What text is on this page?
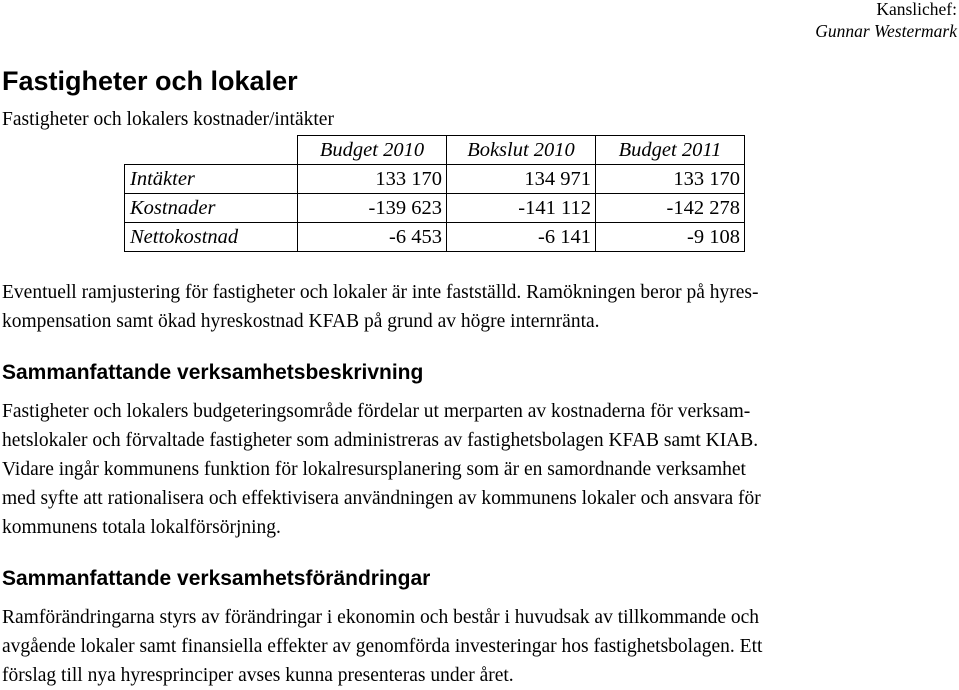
Kanslichef:
Gunnar Westermark
Fastigheter och lokaler
Fastigheter och lokalers kostnader/intäkter
	Budget 2010	Bokslut 2010	Budget 2011
Intäkter	133 170	134 971	133 170
Kostnader	-139 623	-141 112	-142 278
Nettokostnad	-6 453	-6 141	-9 108

Eventuell ramjustering för fastigheter och lokaler är inte fastställd. Ramökningen beror på hyres-
kompensation samt ökad hyreskostnad KFAB på grund av högre internränta.

Sammanfattande verksamhetsbeskrivning

Fastigheter och lokalers budgeteringsområde fördelar ut merparten av kostnaderna för verksam-
hetslokaler och förvaltade fastigheter som administreras av fastighetsbolagen KFAB samt KIAB.
Vidare ingår kommunens funktion för lokalresursplanering som är en samordnande verksamhet
med syfte att rationalisera och effektivisera användningen av kommunens lokaler och ansvara för
kommunens totala lokalförsörjning.

Sammanfattande verksamhetsförändringar

Ramförändringarna styrs av förändringar i ekonomin och består i huvudsak av tillkommande och
avgående lokaler samt finansiella effekter av genomförda investeringar hos fastighetsbolagen. Ett
förslag till nya hyresprinciper avses kunna presenteras under året.
